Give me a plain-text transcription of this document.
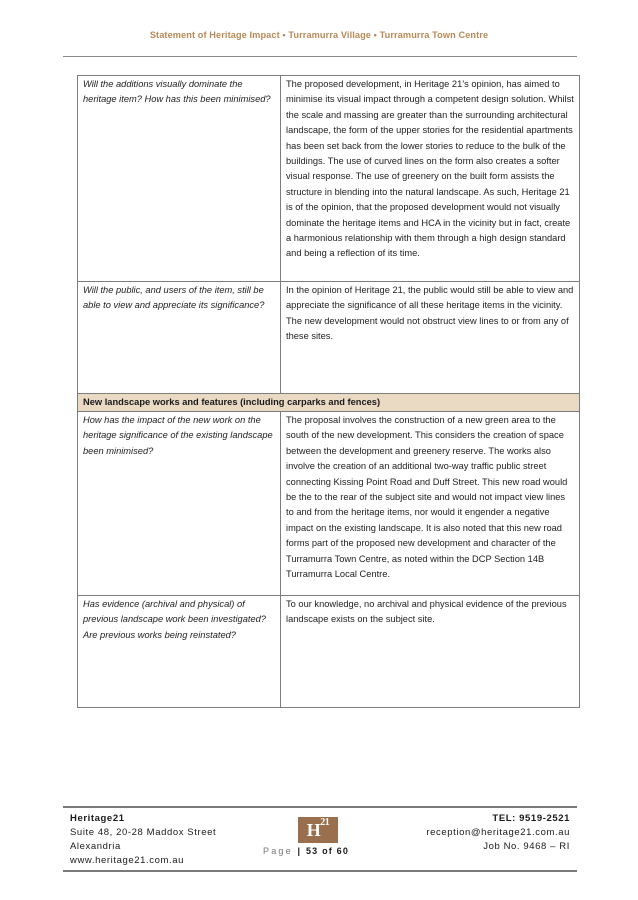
Statement of Heritage Impact • Turramurra Village • Turramurra Town Centre
Will the additions visually dominate the heritage item? How has this been minimised?	The proposed development, in Heritage 21’s opinion, has aimed to minimise its visual impact through a competent design solution. Whilst the scale and massing are greater than the surrounding architectural landscape, the form of the upper stories for the residential apartments has been set back from the lower stories to reduce to the bulk of the buildings. The use of curved lines on the form also creates a softer visual response. The use of greenery on the built form assists the structure in blending into the natural landscape. As such, Heritage 21 is of the opinion, that the proposed development would not visually dominate the heritage items and HCA in the vicinity but in fact, create a harmonious relationship with them through a high design standard and being a reflection of its time.
Will the public, and users of the item, still be able to view and appreciate its significance?	In the opinion of Heritage 21, the public would still be able to view and appreciate the significance of all these heritage items in the vicinity. The new development would not obstruct view lines to or from any of these sites.
New landscape works and features (including carparks and fences)	
How has the impact of the new work on the heritage significance of the existing landscape been minimised?	The proposal involves the construction of a new green area to the south of the new development. This considers the creation of space between the development and greenery reserve. The works also involve the creation of an additional two-way traffic public street connecting Kissing Point Road and Duff Street. This new road would be the to the rear of the subject site and would not impact view lines to and from the heritage items, nor would it engender a negative impact on the existing landscape. It is also noted that this new road forms part of the proposed new development and character of the Turramurra Town Centre, as noted within the DCP Section 14B Turramurra Local Centre.
Has evidence (archival and physical) of previous landscape work been investigated? Are previous works being reinstated?	To our knowledge, no archival and physical evidence of the previous landscape exists on the subject site.
Heritage21
Suite 48, 20-28 Maddox Street
Alexandria
www.heritage21.com.au
$H^{21}$
Page | 53 of 60
TEL: 9519-2521
reception@heritage21.com.au
Job No. 9468 – RI
